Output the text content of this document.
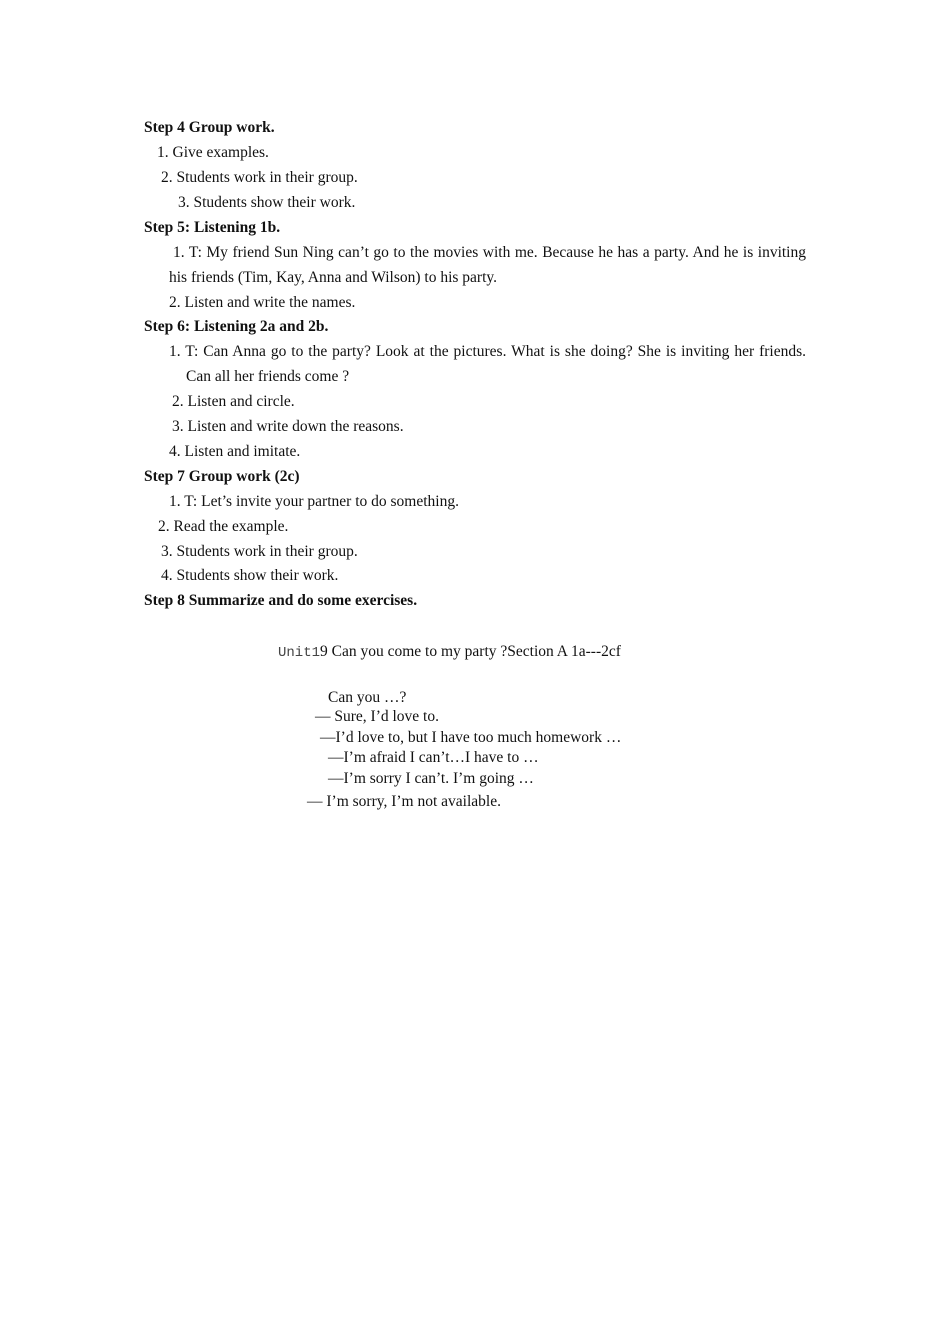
Step 4 Group work.
1. Give examples.
2. Students work in their group.
3. Students show their work.
Step 5: Listening 1b.
1. T: My friend Sun Ning can’t go to the movies with me. Because he has a party. And he is inviting his friends (Tim, Kay, Anna and Wilson) to his party.
2. Listen and write the names.
Step 6: Listening 2a and 2b.
1. T: Can Anna go to the party? Look at the pictures. What is she doing? She is inviting her friends. Can all her friends come ?
2. Listen and circle.
3. Listen and write down the reasons.
4. Listen and imitate.
Step 7 Group work (2c)
1. T: Let’s invite your partner to do something.
2. Read the example.
3. Students work in their group.
4. Students show their work.
Step 8 Summarize and do some exercises.
Unit19 Can you come to my party ?Section A 1a---2cf
Can you …?
— Sure, I’d love to.
—I’d love to, but I have too much homework …
—I’m afraid I can’t…I have to …
—I’m sorry I can’t. I’m going …
— I’m sorry, I’m not available.
